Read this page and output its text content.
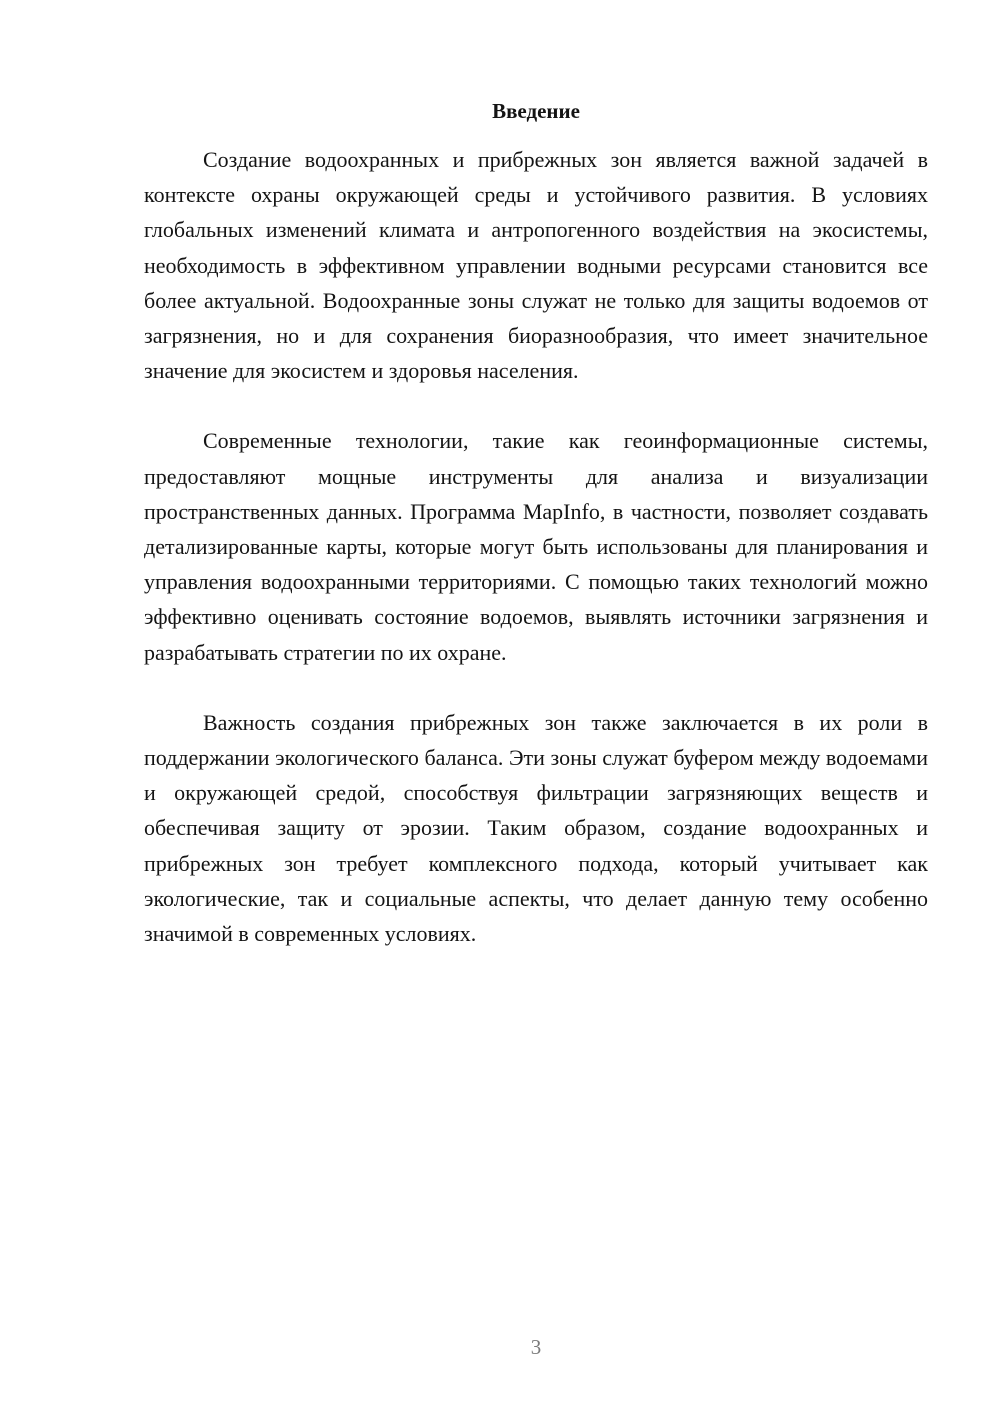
Введение

Создание водоохранных и прибрежных зон является важной задачей в контексте охраны окружающей среды и устойчивого развития. В условиях глобальных изменений климата и антропогенного воздействия на экосистемы, необходимость в эффективном управлении водными ресурсами становится все более актуальной. Водоохранные зоны служат не только для защиты водоемов от загрязнения, но и для сохранения биоразнообразия, что имеет значительное значение для экосистем и здоровья населения.

Современные технологии, такие как геоинформационные системы, предоставляют мощные инструменты для анализа и визуализации пространственных данных. Программа MapInfo, в частности, позволяет создавать детализированные карты, которые могут быть использованы для планирования и управления водоохранными территориями. С помощью таких технологий можно эффективно оценивать состояние водоемов, выявлять источники загрязнения и разрабатывать стратегии по их охране.

Важность создания прибрежных зон также заключается в их роли в поддержании экологического баланса. Эти зоны служат буфером между водоемами и окружающей средой, способствуя фильтрации загрязняющих веществ и обеспечивая защиту от эрозии. Таким образом, создание водоохранных и прибрежных зон требует комплексного подхода, который учитывает как экологические, так и социальные аспекты, что делает данную тему особенно значимой в современных условиях.

3
